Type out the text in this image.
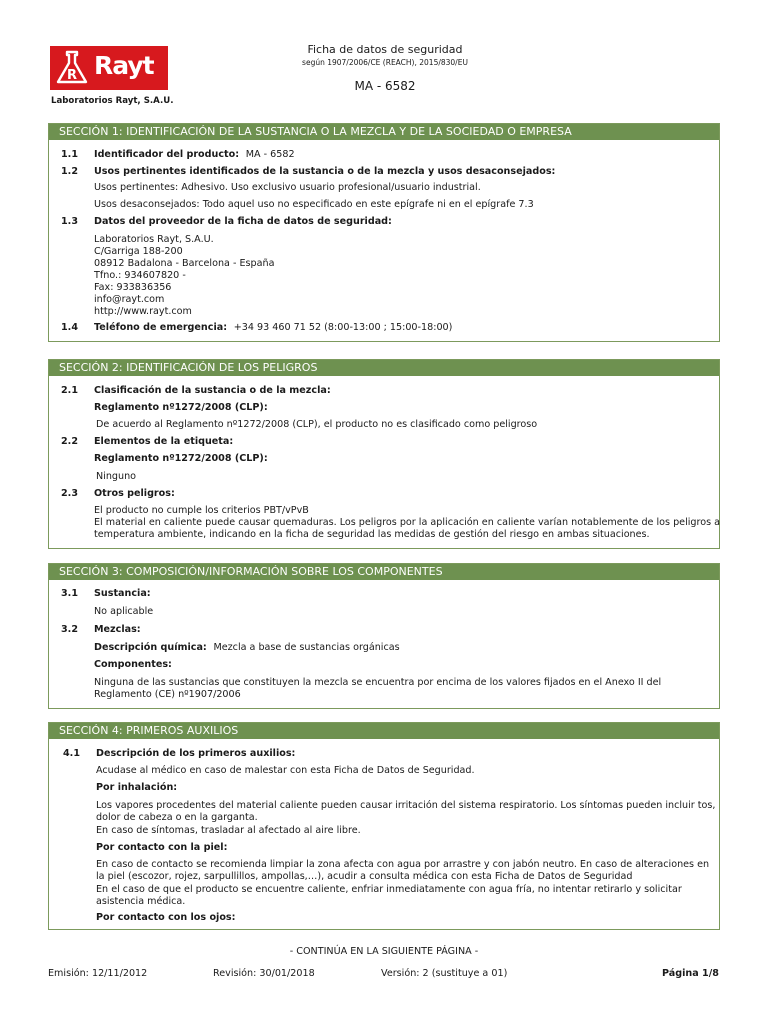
R Rayt
Laboratorios Rayt, S.A.U.
Ficha de datos de seguridad
según 1907/2006/CE (REACH), 2015/830/EU
MA - 6582
SECCIÓN 1: IDENTIFICACIÓN DE LA SUSTANCIA O LA MEZCLA Y DE LA SOCIEDAD O EMPRESA
1.1 Identificador del producto: MA - 6582
1.2 Usos pertinentes identificados de la sustancia o de la mezcla y usos desaconsejados:
Usos pertinentes: Adhesivo. Uso exclusivo usuario profesional/usuario industrial.
Usos desaconsejados: Todo aquel uso no especificado en este epígrafe ni en el epígrafe 7.3
1.3 Datos del proveedor de la ficha de datos de seguridad:
Laboratorios Rayt, S.A.U.
C/Garriga 188-200
08912 Badalona - Barcelona - España
Tfno.: 934607820 -
Fax: 933836356
info@rayt.com
http://www.rayt.com
1.4 Teléfono de emergencia: +34 93 460 71 52 (8:00-13:00 ; 15:00-18:00)
SECCIÓN 2: IDENTIFICACIÓN DE LOS PELIGROS
2.1 Clasificación de la sustancia o de la mezcla:
Reglamento nº1272/2008 (CLP):
De acuerdo al Reglamento nº1272/2008 (CLP), el producto no es clasificado como peligroso
2.2 Elementos de la etiqueta:
Reglamento nº1272/2008 (CLP):
Ninguno
2.3 Otros peligros:
El producto no cumple los criterios PBT/vPvB
El material en caliente puede causar quemaduras. Los peligros por la aplicación en caliente varían notablemente de los peligros a
temperatura ambiente, indicando en la ficha de seguridad las medidas de gestión del riesgo en ambas situaciones.
SECCIÓN 3: COMPOSICIÓN/INFORMACIÓN SOBRE LOS COMPONENTES
3.1 Sustancia:
No aplicable
3.2 Mezclas:
Descripción química: Mezcla a base de sustancias orgánicas
Componentes:
Ninguna de las sustancias que constituyen la mezcla se encuentra por encima de los valores fijados en el Anexo II del
Reglamento (CE) nº1907/2006
SECCIÓN 4: PRIMEROS AUXILIOS
4.1 Descripción de los primeros auxilios:
Acudase al médico en caso de malestar con esta Ficha de Datos de Seguridad.
Por inhalación:
Los vapores procedentes del material caliente pueden causar irritación del sistema respiratorio. Los síntomas pueden incluir tos,
dolor de cabeza o en la garganta.
En caso de síntomas, trasladar al afectado al aire libre.
Por contacto con la piel:
En caso de contacto se recomienda limpiar la zona afecta con agua por arrastre y con jabón neutro. En caso de alteraciones en
la piel (escozor, rojez, sarpullillos, ampollas,…), acudir a consulta médica con esta Ficha de Datos de Seguridad
En el caso de que el producto se encuentre caliente, enfriar inmediatamente con agua fría, no intentar retirarlo y solicitar
asistencia médica.
Por contacto con los ojos:
- CONTINÚA EN LA SIGUIENTE PÁGINA -
Emisión: 12/11/2012	Revisión: 30/01/2018	Versión: 2 (sustituye a 01)	Página 1/8
